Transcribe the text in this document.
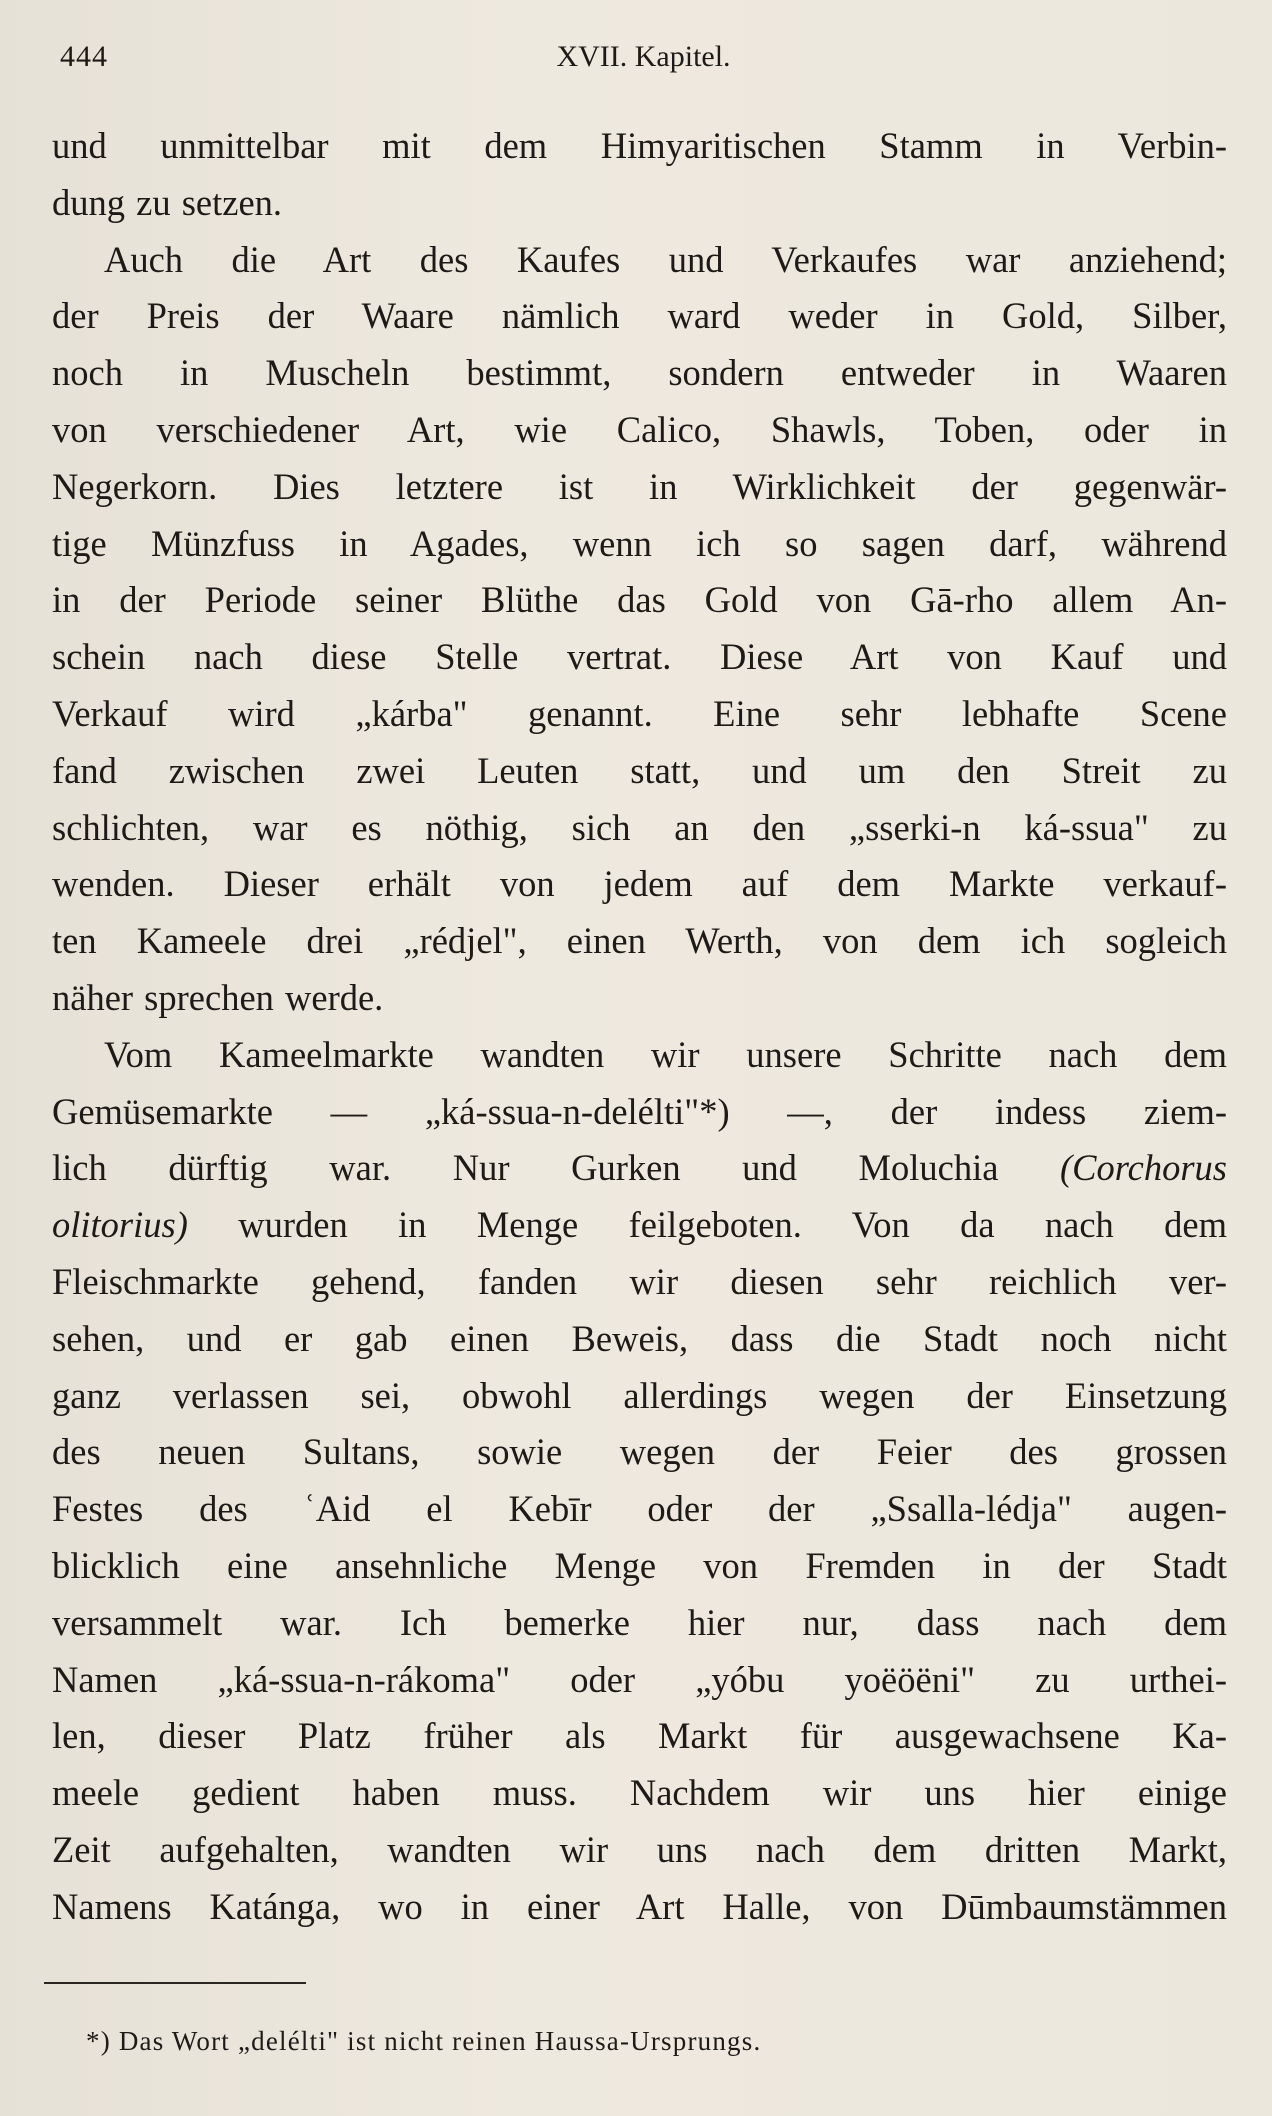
444	XVII. Kapitel.
und unmittelbar mit dem Himyaritischen Stamm in Verbin-
dung zu setzen.
Auch die Art des Kaufes und Verkaufes war anziehend;
der Preis der Waare nämlich ward weder in Gold, Silber,
noch in Muscheln bestimmt, sondern entweder in Waaren
von verschiedener Art, wie Calico, Shawls, Toben, oder in
Negerkorn. Dies letztere ist in Wirklichkeit der gegenwär-
tige Münzfuss in Agades, wenn ich so sagen darf, während
in der Periode seiner Blüthe das Gold von Gā-rho allem An-
schein nach diese Stelle vertrat. Diese Art von Kauf und
Verkauf wird „kárba" genannt. Eine sehr lebhafte Scene
fand zwischen zwei Leuten statt, und um den Streit zu
schlichten, war es nöthig, sich an den „sserki-n ká-ssua" zu
wenden. Dieser erhält von jedem auf dem Markte verkauf-
ten Kameele drei „rédjel", einen Werth, von dem ich sogleich
näher sprechen werde.
Vom Kameelmarkte wandten wir unsere Schritte nach dem
Gemüsemarkte — „ká-ssua-n-delélti"*) —, der indess ziem-
lich dürftig war. Nur Gurken und Moluchia (Corchorus
olitorius) wurden in Menge feilgeboten. Von da nach dem
Fleischmarkte gehend, fanden wir diesen sehr reichlich ver-
sehen, und er gab einen Beweis, dass die Stadt noch nicht
ganz verlassen sei, obwohl allerdings wegen der Einsetzung
des neuen Sultans, sowie wegen der Feier des grossen
Festes des ʿAid el Kebīr oder der „Ssalla-lédja" augen-
blicklich eine ansehnliche Menge von Fremden in der Stadt
versammelt war. Ich bemerke hier nur, dass nach dem
Namen „ká-ssua-n-rákoma" oder „yóbu yoëöëni" zu urthei-
len, dieser Platz früher als Markt für ausgewachsene Ka-
meele gedient haben muss. Nachdem wir uns hier einige
Zeit aufgehalten, wandten wir uns nach dem dritten Markt,
Namens Katánga, wo in einer Art Halle, von Dūmbaumstämmen
*) Das Wort „delélti" ist nicht reinen Haussa-Ursprungs.
